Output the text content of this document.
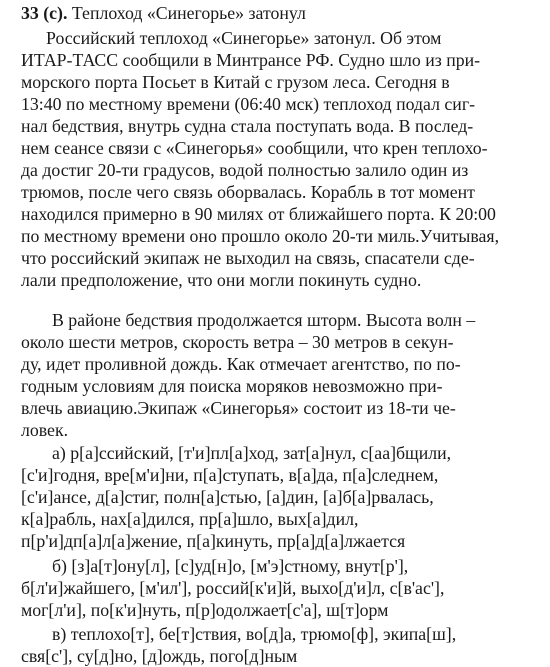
33 (с). Теплоход «Синегорье» затонул
Российский теплоход «Синегорье» затонул. Об этом
ИТАР-ТАСС сообщили в Минтрансе РФ. Судно шло из при-
морского порта Посьет в Китай с грузом леса. Сегодня в
13:40 по местному времени (06:40 мск) теплоход подал сиг-
нал бедствия, внутрь судна стала поступать вода. В послед-
нем сеансе связи с «Синегорья» сообщили, что крен теплохо-
да достиг 20-ти градусов, водой полностью залило один из
трюмов, после чего связь оборвалась. Корабль в тот момент
находился примерно в 90 милях от ближайшего порта. К 20:00
по местному времени оно прошло около 20-ти миль.Учитывая,
что российский экипаж не выходил на связь, спасатели сде-
лали предположение, что они могли покинуть судно.
В районе бедствия продолжается шторм. Высота волн –
около шести метров, скорость ветра – 30 метров в секун-
ду, идет проливной дождь. Как отмечает агентство, по по-
годным условиям для поиска моряков невозможно при-
влечь авиацию.Экипаж «Синегорья» состоит из 18-ти че-
ловек.
а) р[а]ссийский, [т'и]пл[а]ход, зат[а]нул, с[аа]бщили,
[с'и]годня, вре[м'и]ни, п[а]ступать, в[а]да, п[а]следнем,
[с'и]ансе, д[а]стиг, полн[а]стью, [а]дин, [а]б[а]рвалась,
к[а]рабль, нах[а]дился, пр[а]шло, вых[а]дил,
п[р'и]дп[а]л[а]жение, п[а]кинуть, пр[а]д[а]лжается
б) [з]а[т]ону[л], [с]уд[н]о, [м'э]стному, внут[р'],
б[л'и]жайшего, [м'ил'], россий[к'и]й, выхо[д'и]л, с[в'ас'],
мог[л'и], по[к'и]нуть, п[р]одолжает[с'а], ш[т]орм
свя[с'], су[д]но, [д]ождь, пого[д]ным
в) теплохо[т], бе[т]ствия, во[д]а, трюмо[ф], экипа[ш],
